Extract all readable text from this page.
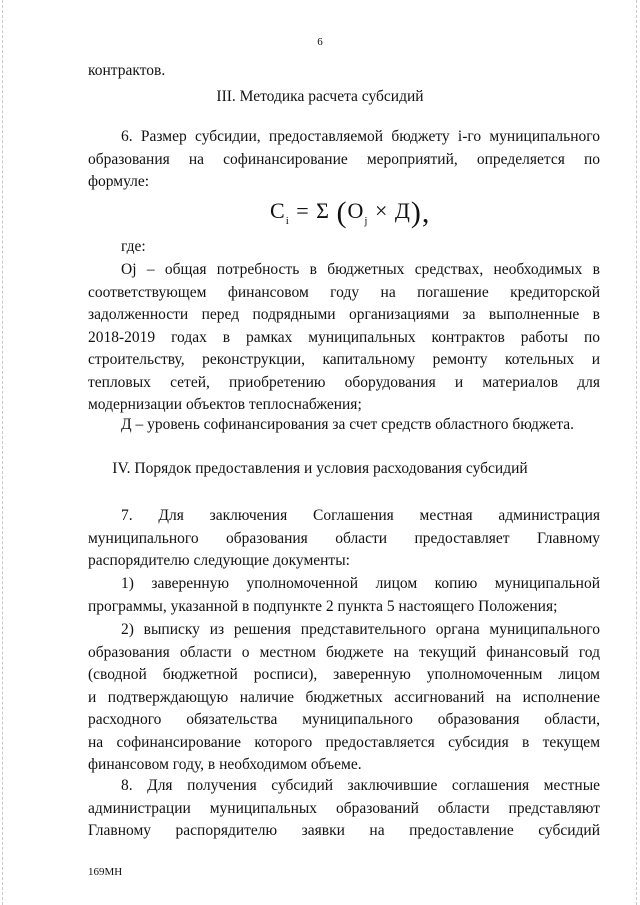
6
контрактов.
III. Методика расчета субсидий
6. Размер субсидии, предоставляемой бюджету i-го муниципального
образования на софинансирование мероприятий, определяется по
формуле:
$C_i = \Sigma$ $(O_j \times Д)$,
где:
Oj – общая потребность в бюджетных средствах, необходимых в
соответствующем финансовом году на погашение кредиторской
задолженности перед подрядными организациями за выполненные в
2018-2019 годах в рамках муниципальных контрактов работы по
строительству, реконструкции, капитальному ремонту котельных и
тепловых сетей, приобретению оборудования и материалов для
модернизации объектов теплоснабжения;
Д – уровень софинансирования за счет средств областного бюджета.
IV. Порядок предоставления и условия расходования субсидий
7. Для заключения Соглашения местная администрация
муниципального образования области предоставляет Главному
распорядителю следующие документы:
1) заверенную уполномоченной лицом копию муниципальной
программы, указанной в подпункте 2 пункта 5 настоящего Положения;
2) выписку из решения представительного органа муниципального
образования области о местном бюджете на текущий финансовый год
(сводной бюджетной росписи), заверенную уполномоченным лицом
и подтверждающую наличие бюджетных ассигнований на исполнение
расходного обязательства муниципального образования области,
на софинансирование которого предоставляется субсидия в текущем
финансовом году, в необходимом объеме.
8. Для получения субсидий заключившие соглашения местные
администрации муниципальных образований области представляют
Главному распорядителю заявки на предоставление субсидий
169МН
